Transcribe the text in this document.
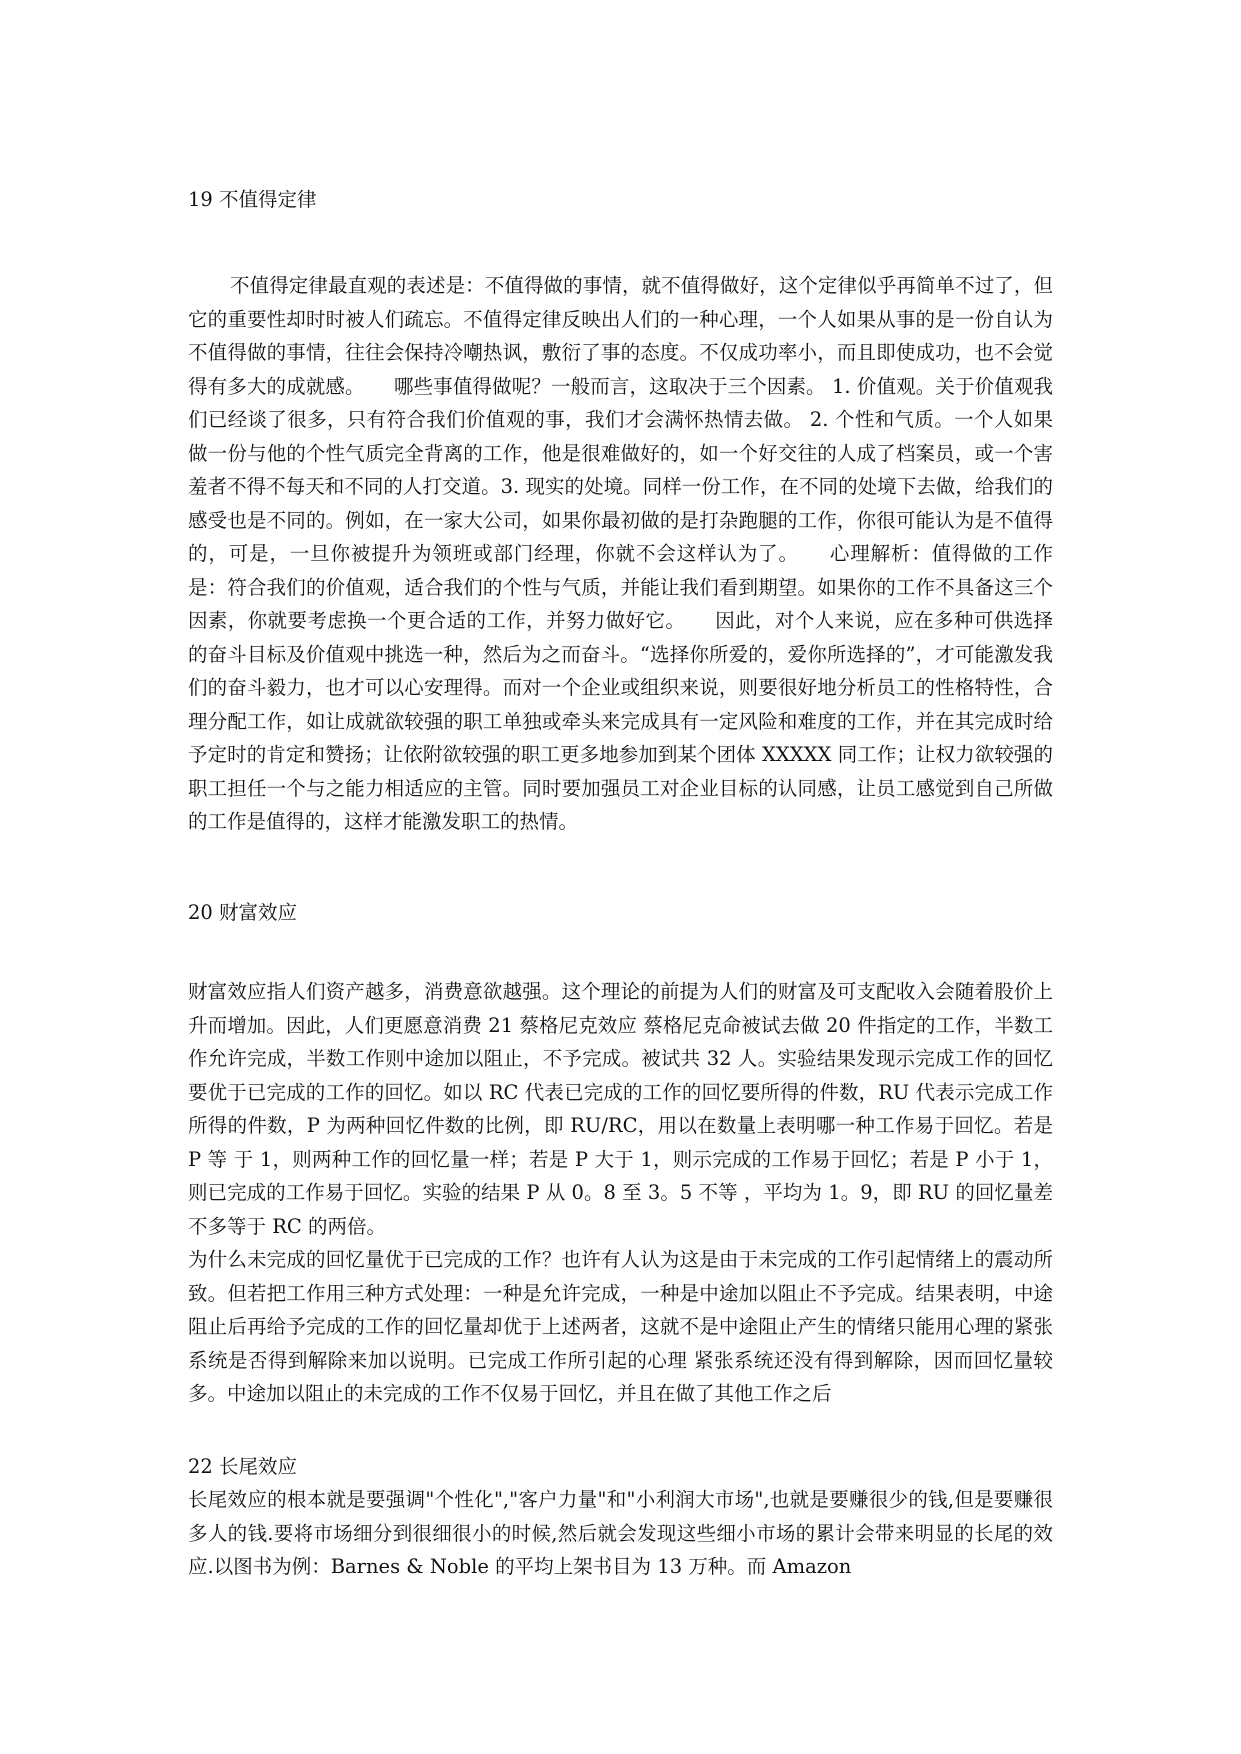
19 不值得定律

不值得定律最直观的表述是：不值得做的事情，就不值得做好，这个定律似乎再简单不过了，但它的重要性却时时被人们疏忘。不值得定律反映出人们的一种心理，一个人如果从事的是一份自认为不值得做的事情，往往会保持冷嘲热讽，敷衍了事的态度。不仅成功率小，而且即使成功，也不会觉得有多大的成就感。　　哪些事值得做呢？一般而言，这取决于三个因素。 1. 价值观。关于价值观我们已经谈了很多，只有符合我们价值观的事，我们才会满怀热情去做。 2. 个性和气质。一个人如果做一份与他的个性气质完全背离的工作，他是很难做好的，如一个好交往的人成了档案员，或一个害羞者不得不每天和不同的人打交道。3. 现实的处境。同样一份工作，在不同的处境下去做，给我们的感受也是不同的。例如，在一家大公司，如果你最初做的是打杂跑腿的工作，你很可能认为是不值得的，可是，一旦你被提升为领班或部门经理，你就不会这样认为了。　　心理解析：值得做的工作是：符合我们的价值观，适合我们的个性与气质，并能让我们看到期望。如果你的工作不具备这三个因素，你就要考虑换一个更合适的工作，并努力做好它。　　因此，对个人来说，应在多种可供选择的奋斗目标及价值观中挑选一种，然后为之而奋斗。“选择你所爱的，爱你所选择的”，才可能激发我们的奋斗毅力，也才可以心安理得。而对一个企业或组织来说，则要很好地分析员工的性格特性，合理分配工作，如让成就欲较强的职工单独或牵头来完成具有一定风险和难度的工作，并在其完成时给予定时的肯定和赞扬；让依附欲较强的职工更多地参加到某个团体 XXXXX 同工作；让权力欲较强的职工担任一个与之能力相适应的主管。同时要加强员工对企业目标的认同感，让员工感觉到自己所做的工作是值得的，这样才能激发职工的热情。

20 财富效应

财富效应指人们资产越多，消费意欲越强。这个理论的前提为人们的财富及可支配收入会随着股价上升而增加。因此，人们更愿意消费 21 蔡格尼克效应 蔡格尼克命被试去做 20 件指定的工作，半数工作允许完成，半数工作则中途加以阻止，不予完成。被试共 32 人。实验结果发现示完成工作的回忆要优于已完成的工作的回忆。如以 RC 代表已完成的工作的回忆要所得的件数，RU 代表示完成工作所得的件数，P 为两种回忆件数的比例，即 RU/RC，用以在数量上表明哪一种工作易于回忆。若是 P 等 于 1，则两种工作的回忆量一样；若是 P 大于 1，则示完成的工作易于回忆；若是 P 小于 1，则已完成的工作易于回忆。实验的结果 P 从 0。8 至 3。5 不等 ，平均为 1。9，即 RU 的回忆量差不多等于 RC 的两倍。

为什么未完成的回忆量优于已完成的工作？也许有人认为这是由于未完成的工作引起情绪上的震动所致。但若把工作用三种方式处理：一种是允许完成，一种是中途加以阻止不予完成。结果表明，中途阻止后再给予完成的工作的回忆量却优于上述两者，这就不是中途阻止产生的情绪只能用心理的紧张系统是否得到解除来加以说明。已完成工作所引起的心理 紧张系统还没有得到解除，因而回忆量较多。中途加以阻止的未完成的工作不仅易于回忆，并且在做了其他工作之后

22 长尾效应

长尾效应的根本就是要强调"个性化","客户力量"和"小利润大市场",也就是要赚很少的钱,但是要赚很多人的钱.要将市场细分到很细很小的时候,然后就会发现这些细小市场的累计会带来明显的长尾的效应.以图书为例：Barnes & Noble 的平均上架书目为 13 万种。而 Amazon
